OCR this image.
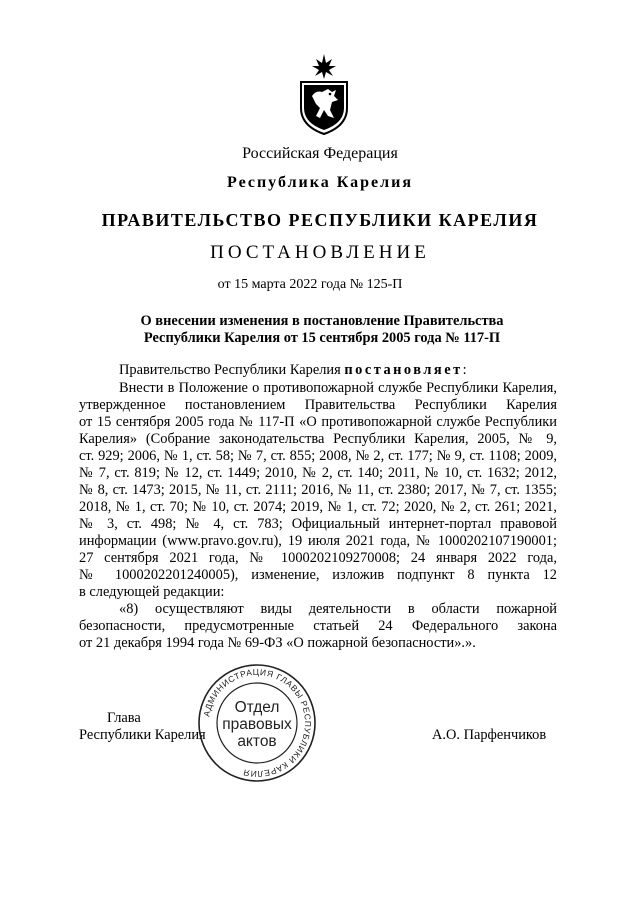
Российская Федерация
Республика Карелия
ПРАВИТЕЛЬСТВО РЕСПУБЛИКИ КАРЕЛИЯ
ПОСТАНОВЛЕНИЕ
от 15 марта 2022 года № 125-П
О внесении изменения в постановление Правительства
Республики Карелия от 15 сентября 2005 года № 117-П
Правительство Республики Карелия постановляет:
Внести в Положение о противопожарной службе Республики Карелия,
утвержденное постановлением Правительства Республики Карелия
от 15 сентября 2005 года № 117-П «О противопожарной службе Республики
Карелия» (Собрание законодательства Республики Карелия, 2005, № 9,
ст. 929; 2006, № 1, ст. 58; № 7, ст. 855; 2008, № 2, ст. 177; № 9, ст. 1108; 2009,
№ 7, ст. 819; № 12, ст. 1449; 2010, № 2, ст. 140; 2011, № 10, ст. 1632; 2012,
№ 8, ст. 1473; 2015, № 11, ст. 2111; 2016, № 11, ст. 2380; 2017, № 7, ст. 1355;
2018, № 1, ст. 70; № 10, ст. 2074; 2019, № 1, ст. 72; 2020, № 2, ст. 261; 2021,
№ 3, ст. 498; № 4, ст. 783; Официальный интернет-портал правовой
информации (www.pravo.gov.ru), 19 июля 2021 года, № 1000202107190001;
27 сентября 2021 года, № 1000202109270008; 24 января 2022 года,
№ 1000202201240005), изменение, изложив подпункт 8 пункта 12
в следующей редакции:
«8) осуществляют виды деятельности в области пожарной
безопасности, предусмотренные статьей 24 Федерального закона
от 21 декабря 1994 года № 69-ФЗ «О пожарной безопасности».».
Глава
Республики Карелия	А.О. Парфенчиков
АДМИНИСТРАЦИЯ ГЛАВЫ РЕСПУБЛИКИ КАРЕЛИЯ
Отдел
правовых
актов
